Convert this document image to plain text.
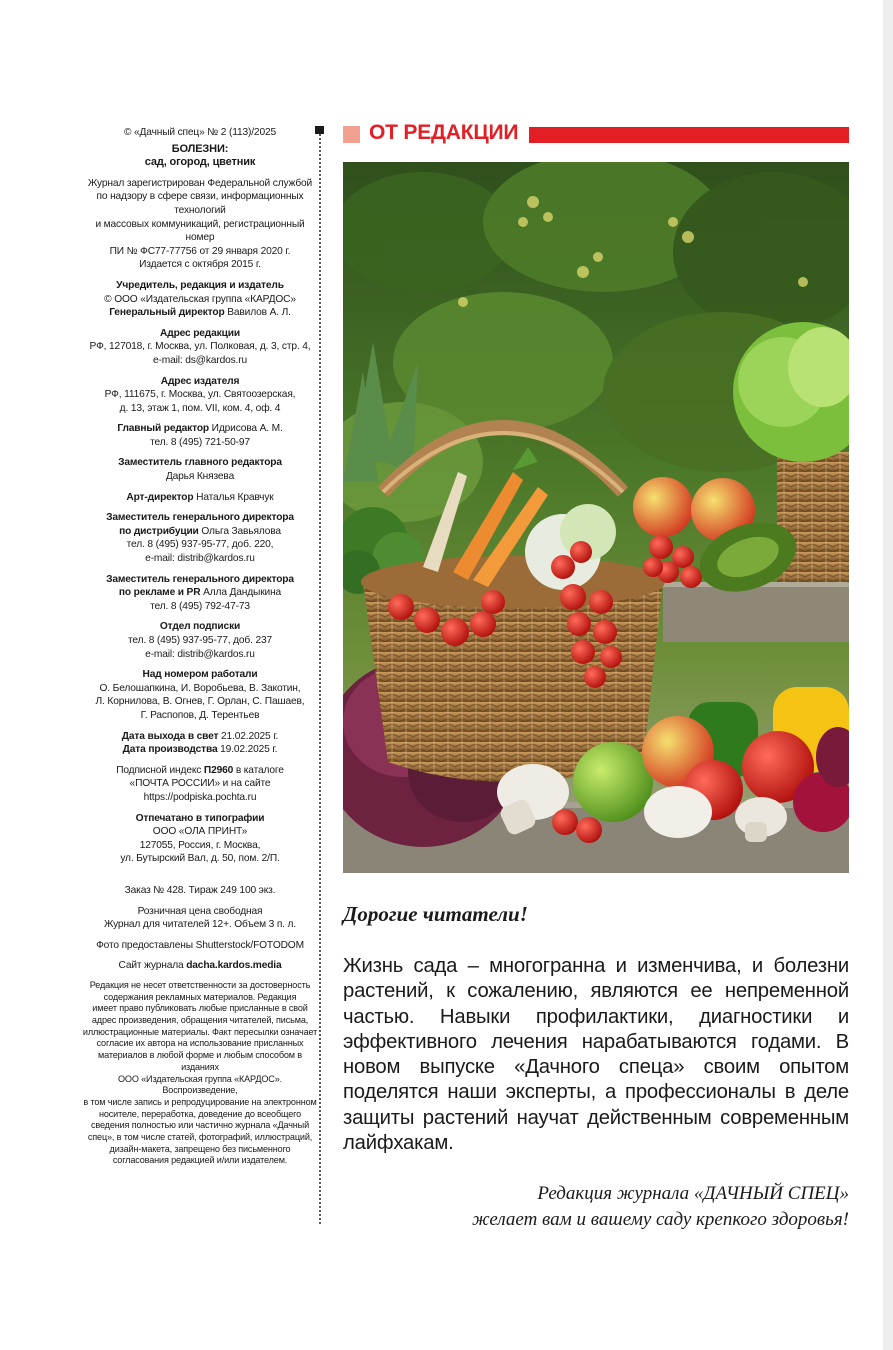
© «Дачный спец» № 2 (113)/2025
БОЛЕЗНИ:
сад, огород, цветник
Журнал зарегистрирован Федеральной службой
по надзору в сфере связи, информационных технологий
и массовых коммуникаций, регистрационный номер
ПИ № ФС77-77756 от 29 января 2020 г.
Издается с октября 2015 г.
Учредитель, редакция и издатель
© ООО «Издательская группа «КАРДОС»
Генеральный директор Вавилов А. Л.
Адрес редакции
РФ, 127018, г. Москва, ул. Полковая, д. 3, стр. 4,
e-mail: ds@kardos.ru
Адрес издателя
РФ, 111675, г. Москва, ул. Святоозерская,
д. 13, этаж 1, пом. VII, ком. 4, оф. 4
Главный редактор Идрисова А. М.
тел. 8 (495) 721-50-97
Заместитель главного редактора
Дарья Князева
Арт-директор Наталья Кравчук
Заместитель генерального директора
по дистрибуции Ольга Завьялова
тел. 8 (495) 937-95-77, доб. 220,
e-mail: distrib@kardos.ru
Заместитель генерального директора
по рекламе и PR Алла Дандыкина
тел. 8 (495) 792-47-73
Отдел подписки
тел. 8 (495) 937-95-77, доб. 237
e-mail: distrib@kardos.ru
Над номером работали
О. Белошапкина, И. Воробьева, В. Закотин,
Л. Корнилова, В. Огнев, Г. Орлан, С. Пашаев,
Г. Распопов, Д. Терентьев
Дата выхода в свет 21.02.2025 г.
Дата производства 19.02.2025 г.
Подписной индекс П2960 в каталоге
«ПОЧТА РОССИИ» и на сайте
https://podpiska.pochta.ru
Отпечатано в типографии
ООО «ОЛА ПРИНТ»
127055, Россия, г. Москва,
ул. Бутырский Вал, д. 50, пом. 2/П.
Заказ № 428. Тираж 249 100 экз.
Розничная цена свободная
Журнал для читателей 12+. Объем 3 п. л.
Фото предоставлены Shutterstock/FOTODOM
Сайт журнала dacha.kardos.media
Редакция не несет ответственности за достоверность
содержания рекламных материалов. Редакция
имеет право публиковать любые присланные в свой
адрес произведения, обращения читателей, письма,
иллюстрационные материалы. Факт пересылки означает
согласие их автора на использование присланных
материалов в любой форме и любым способом в изданиях
ООО «Издательская группа «КАРДОС». Воспроизведение,
в том числе запись и репродуцирование на электронном
носителе, переработка, доведение до всеобщего
сведения полностью или частично журнала «Дачный
спец», в том числе статей, фотографий, иллюстраций,
дизайн-макета, запрещено без письменного
согласования редакцией и/или издателем.
ОТ РЕДАКЦИИ
Дорогие читатели!
Жизнь сада – многогранна и изменчива, и болезни растений, к сожалению, являются ее непременной частью. Навыки профилактики, диагностики и эффективного лечения нарабатываются годами. В новом выпуске «Дачного спеца» своим опытом поделятся наши эксперты, а профессионалы в деле защиты растений научат действенным современным лайфхакам.
Редакция журнала «ДАЧНЫЙ СПЕЦ»
желает вам и вашему саду крепкого здоровья!
